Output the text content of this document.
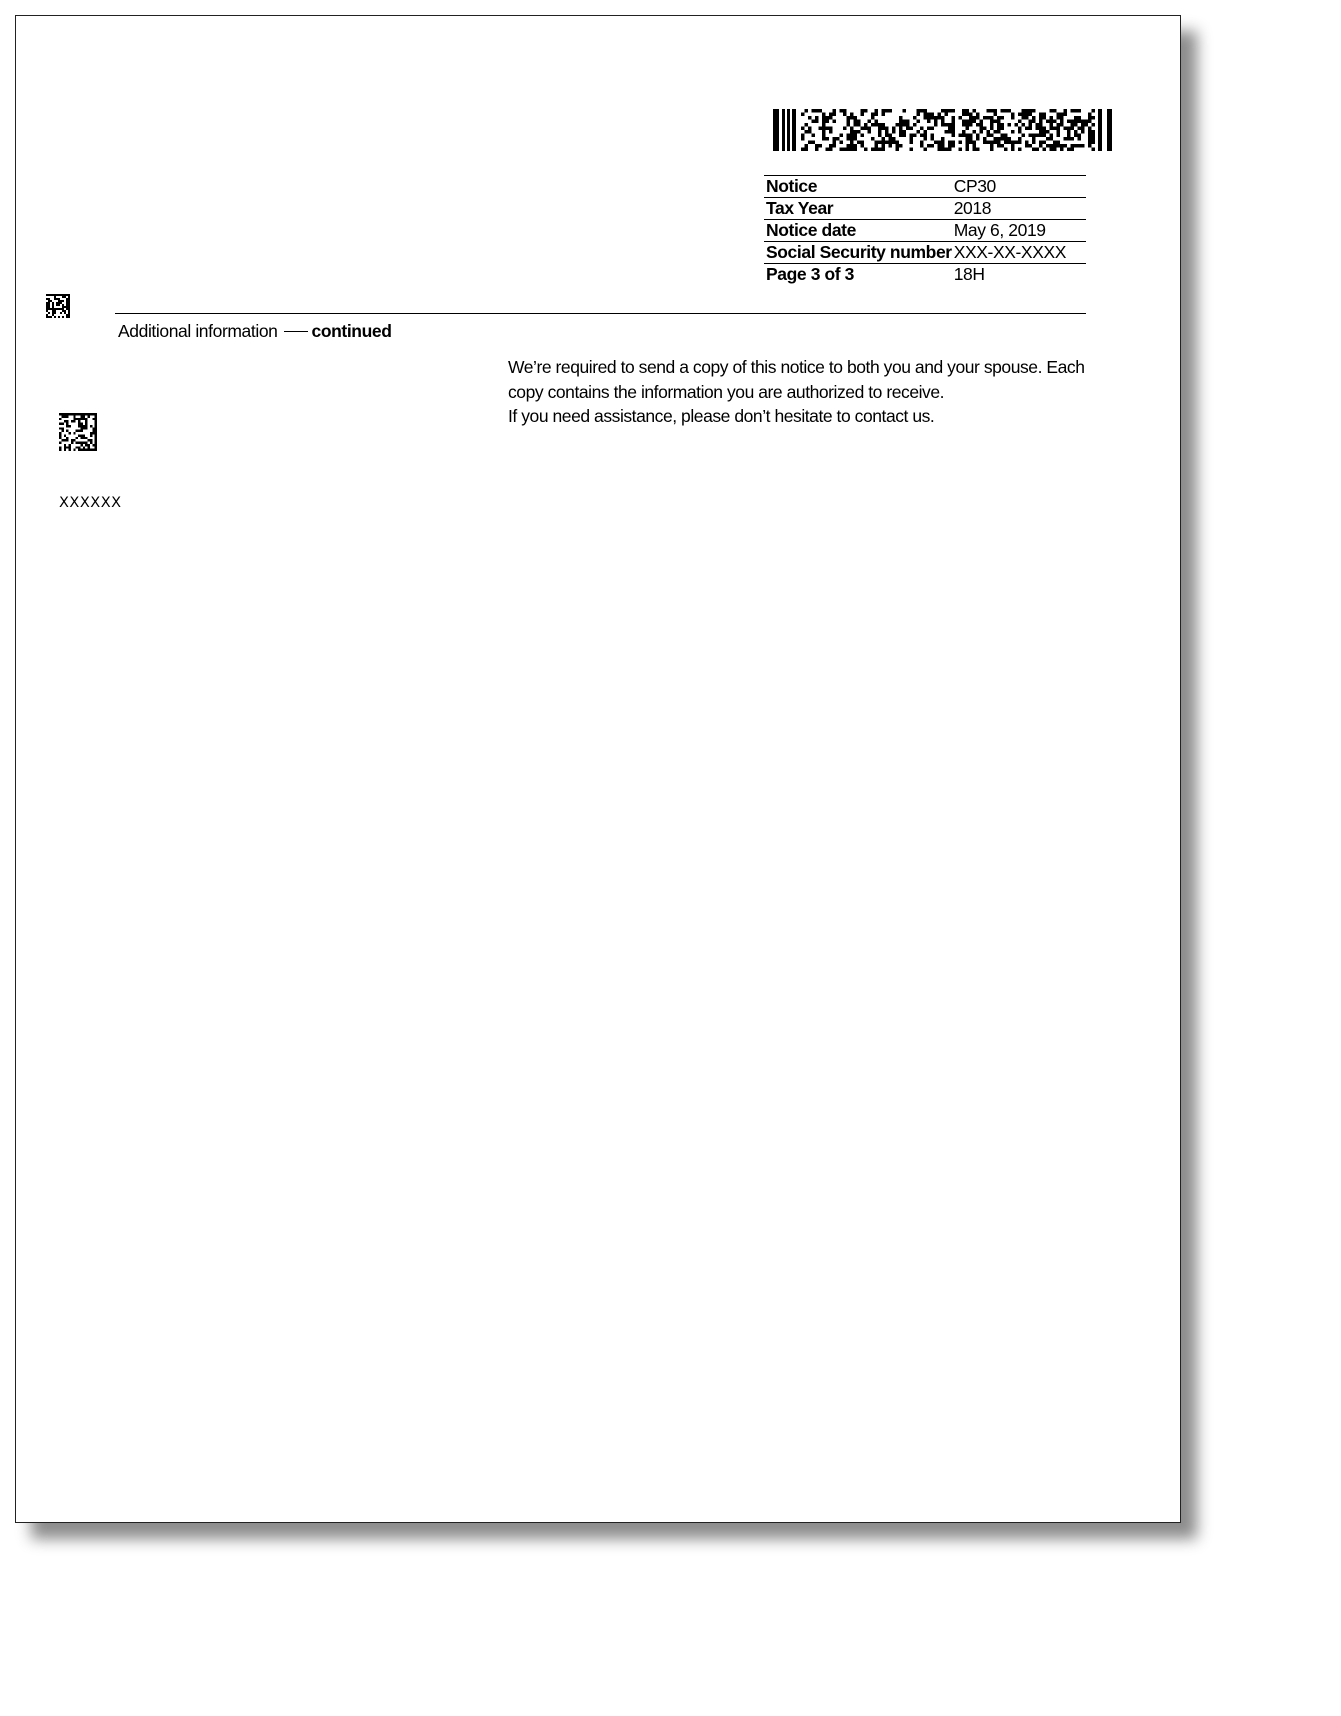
Notice	CP30
Tax Year	2018
Notice date	May 6, 2019
Social Security number	XXX-XX-XXXX
Page 3 of 3	18H
Additional information continued
XXXXXX

We’re required to send a copy of this notice to both you and your spouse. Each copy contains the information you are authorized to receive.

If you need assistance, please don’t hesitate to contact us.
